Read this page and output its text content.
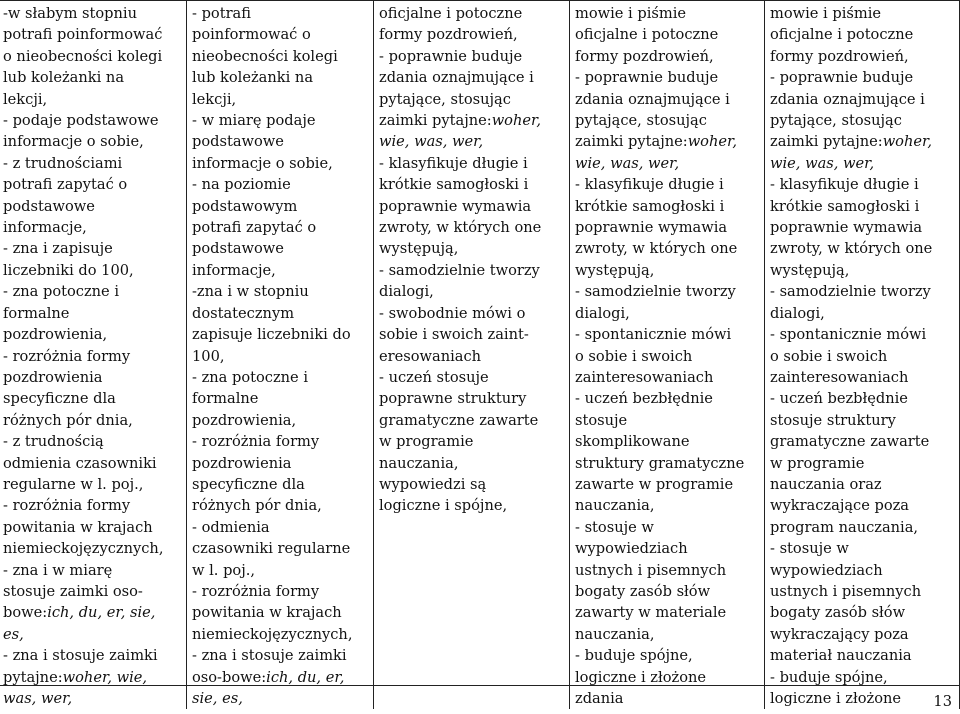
-w słabym stopniu
potrafi poinformować
o nieobecności kolegi
lub koleżanki na
lekcji,
- podaje podstawowe
informacje o sobie,
- z trudnościami
potrafi zapytać o
podstawowe
informacje,
- zna i zapisuje
liczebniki do 100,
- zna potoczne i
formalne
pozdrowienia,
- rozróżnia formy
pozdrowienia
specyficzne dla
różnych pór dnia,
- z trudnością
odmienia czasowniki
regularne w l. poj.,
- rozróżnia formy
powitania w krajach
niemieckojęzycznych,
- zna i w miarę
stosuje zaimki oso-
bowe:ich, du, er, sie,
es,
- zna i stosuje zaimki
pytajne:woher, wie,
was, wer,
- potrafi
poinformować o
nieobecności kolegi
lub koleżanki na
lekcji,
- w miarę podaje
podstawowe
informacje o sobie,
- na poziomie
podstawowym
potrafi zapytać o
podstawowe
informacje,
-zna i w stopniu
dostatecznym
zapisuje liczebniki do
100,
- zna potoczne i
formalne
pozdrowienia,
- rozróżnia formy
pozdrowienia
specyficzne dla
różnych pór dnia,
- odmienia
czasowniki regularne
w l. poj.,
- rozróżnia formy
powitania w krajach
niemieckojęzycznych,
- zna i stosuje zaimki
oso-bowe:ich, du, er,
sie, es,
oficjalne i potoczne
formy pozdrowień,
- poprawnie buduje
zdania oznajmujące i
pytające, stosując
zaimki pytajne:woher,
wie, was, wer,
- klasyfikuje długie i
krótkie samogłoski i
poprawnie wymawia
zwroty, w których one
występują,
- samodzielnie tworzy
dialogi,
- swobodnie mówi o
sobie i swoich zaint-
eresowaniach
- uczeń stosuje
poprawne struktury
gramatyczne zawarte
w programie
nauczania,
wypowiedzi są
logiczne i spójne,
mowie i piśmie
oficjalne i potoczne
formy pozdrowień,
- poprawnie buduje
zdania oznajmujące i
pytające, stosując
zaimki pytajne:woher,
wie, was, wer,
- klasyfikuje długie i
krótkie samogłoski i
poprawnie wymawia
zwroty, w których one
występują,
- samodzielnie tworzy
dialogi,
- spontanicznie mówi
o sobie i swoich
zainteresowaniach
- uczeń bezbłędnie
stosuje
skomplikowane
struktury gramatyczne
zawarte w programie
nauczania,
- stosuje w
wypowiedziach
ustnych i pisemnych
bogaty zasób słów
zawarty w materiale
nauczania,
- buduje spójne,
logiczne i złożone
zdania
mowie i piśmie
oficjalne i potoczne
formy pozdrowień,
- poprawnie buduje
zdania oznajmujące i
pytające, stosując
zaimki pytajne:woher,
wie, was, wer,
- klasyfikuje długie i
krótkie samogłoski i
poprawnie wymawia
zwroty, w których one
występują,
- samodzielnie tworzy
dialogi,
- spontanicznie mówi
o sobie i swoich
zainteresowaniach
- uczeń bezbłędnie
stosuje struktury
gramatyczne zawarte
w programie
nauczania oraz
wykraczające poza
program nauczania,
- stosuje w
wypowiedziach
ustnych i pisemnych
bogaty zasób słów
wykraczający poza
materiał nauczania
- buduje spójne,
logiczne i złożone	13
